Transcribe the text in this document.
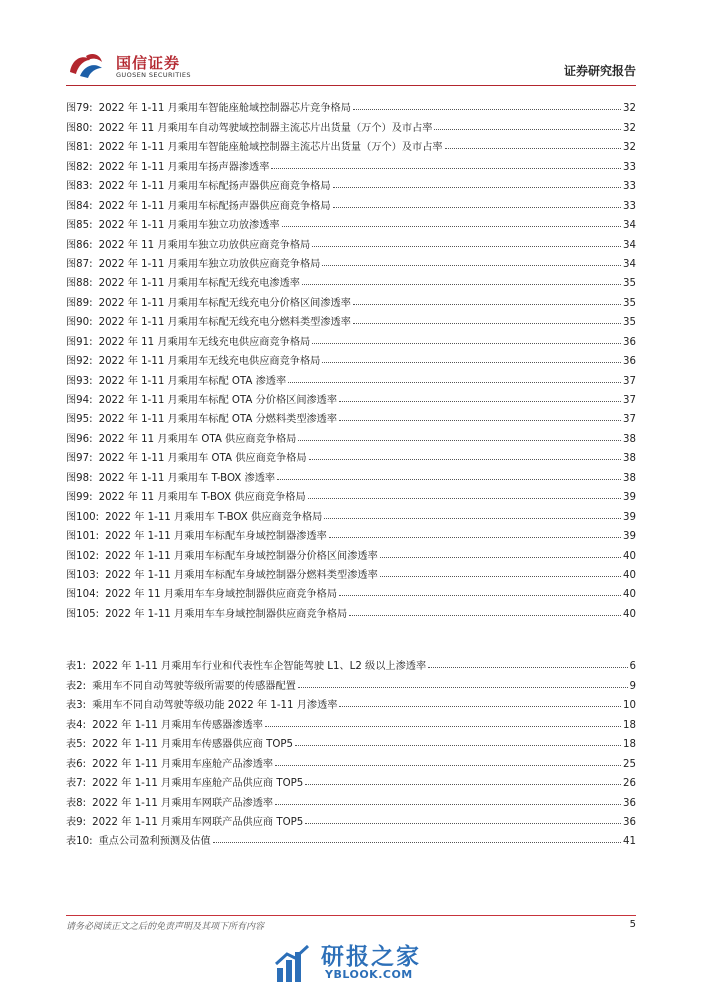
国信证券
GUOSEN SECURITIES	证券研究报告
图79: 2022 年 1-11 月乘用车智能座舱域控制器芯片竞争格局	32
图80: 2022 年 11 月乘用车自动驾驶域控制器主流芯片出货量（万个）及市占率	32
图81: 2022 年 1-11 月乘用车智能座舱域控制器主流芯片出货量（万个）及市占率	32
图82: 2022 年 1-11 月乘用车扬声器渗透率	33
图83: 2022 年 1-11 月乘用车标配扬声器供应商竞争格局	33
图84: 2022 年 1-11 月乘用车标配扬声器供应商竞争格局	33
图85: 2022 年 1-11 月乘用车独立功放渗透率	34
图86: 2022 年 11 月乘用车独立功放供应商竞争格局	34
图87: 2022 年 1-11 月乘用车独立功放供应商竞争格局	34
图88: 2022 年 1-11 月乘用车标配无线充电渗透率	35
图89: 2022 年 1-11 月乘用车标配无线充电分价格区间渗透率	35
图90: 2022 年 1-11 月乘用车标配无线充电分燃料类型渗透率	35
图91: 2022 年 11 月乘用车无线充电供应商竞争格局	36
图92: 2022 年 1-11 月乘用车无线充电供应商竞争格局	36
图93: 2022 年 1-11 月乘用车标配 OTA 渗透率	37
图94: 2022 年 1-11 月乘用车标配 OTA 分价格区间渗透率	37
图95: 2022 年 1-11 月乘用车标配 OTA 分燃料类型渗透率	37
图96: 2022 年 11 月乘用车 OTA 供应商竞争格局	38
图97: 2022 年 1-11 月乘用车 OTA 供应商竞争格局	38
图98: 2022 年 1-11 月乘用车 T-BOX 渗透率	38
图99: 2022 年 11 月乘用车 T-BOX 供应商竞争格局	39
图100: 2022 年 1-11 月乘用车 T-BOX 供应商竞争格局	39
图101: 2022 年 1-11 月乘用车标配车身域控制器渗透率	39
图102: 2022 年 1-11 月乘用车标配车身域控制器分价格区间渗透率	40
图103: 2022 年 1-11 月乘用车标配车身域控制器分燃料类型渗透率	40
图104: 2022 年 11 月乘用车车身域控制器供应商竞争格局	40
图105: 2022 年 1-11 月乘用车车身域控制器供应商竞争格局	40
表1: 2022 年 1-11 月乘用车行业和代表性车企智能驾驶 L1、L2 级以上渗透率	6
表2: 乘用车不同自动驾驶等级所需要的传感器配置	9
表3: 乘用车不同自动驾驶等级功能 2022 年 1-11 月渗透率	10
表4: 2022 年 1-11 月乘用车传感器渗透率	18
表5: 2022 年 1-11 月乘用车传感器供应商 TOP5	18
表6: 2022 年 1-11 月乘用车座舱产品渗透率	25
表7: 2022 年 1-11 月乘用车座舱产品供应商 TOP5	26
表8: 2022 年 1-11 月乘用车网联产品渗透率	36
表9: 2022 年 1-11 月乘用车网联产品供应商 TOP5	36
表10: 重点公司盈利预测及估值	41
请务必阅读正文之后的免责声明及其项下所有内容	5
研报之家
YBLOOK.COM
